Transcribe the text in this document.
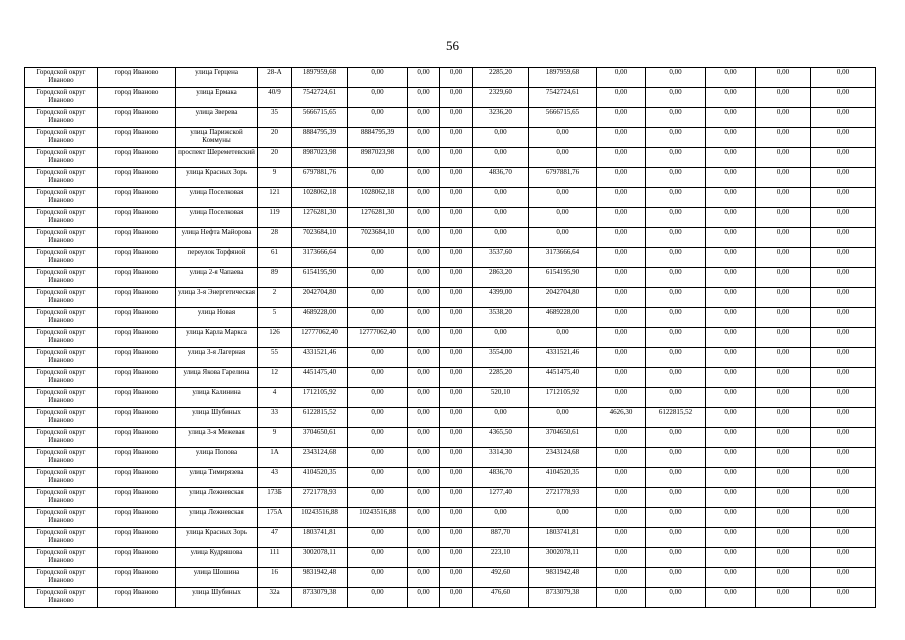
56
Городской округ Иваново	город Иваново	улица Герцена	28-А	1897959,68	0,00	0,00	0,00	2285,20	1897959,68	0,00	0,00	0,00	0,00	0,00
Городской округ Иваново	город Иваново	улица Ермака	40/9	7542724,61	0,00	0,00	0,00	2329,60	7542724,61	0,00	0,00	0,00	0,00	0,00
Городской округ Иваново	город Иваново	улица Зверева	35	5666715,65	0,00	0,00	0,00	3236,20	5666715,65	0,00	0,00	0,00	0,00	0,00
Городской округ Иваново	город Иваново	улица Парижской Коммуны	20	8884795,39	8884795,39	0,00	0,00	0,00	0,00	0,00	0,00	0,00	0,00	0,00
Городской округ Иваново	город Иваново	проспект Шереметевский	20	8987023,98	8987023,98	0,00	0,00	0,00	0,00	0,00	0,00	0,00	0,00	0,00
Городской округ Иваново	город Иваново	улица Красных Зорь	9	6797881,76	0,00	0,00	0,00	4836,70	6797881,76	0,00	0,00	0,00	0,00	0,00
Городской округ Иваново	город Иваново	улица Поселковая	121	1028062,18	1028062,18	0,00	0,00	0,00	0,00	0,00	0,00	0,00	0,00	0,00
Городской округ Иваново	город Иваново	улица Поселковая	119	1276281,30	1276281,30	0,00	0,00	0,00	0,00	0,00	0,00	0,00	0,00	0,00
Городской округ Иваново	город Иваново	улица Нефта Майорова	28	7023684,10	7023684,10	0,00	0,00	0,00	0,00	0,00	0,00	0,00	0,00	0,00
Городской округ Иваново	город Иваново	переулок Торфяной	61	3173666,64	0,00	0,00	0,00	3537,60	3173666,64	0,00	0,00	0,00	0,00	0,00
Городской округ Иваново	город Иваново	улица 2-я Чапаева	89	6154195,90	0,00	0,00	0,00	2863,20	6154195,90	0,00	0,00	0,00	0,00	0,00
Городской округ Иваново	город Иваново	улица 3-я Энергетическая	2	2042704,80	0,00	0,00	0,00	4399,00	2042704,80	0,00	0,00	0,00	0,00	0,00
Городской округ Иваново	город Иваново	улица Новая	5	4689228,00	0,00	0,00	0,00	3538,20	4689228,00	0,00	0,00	0,00	0,00	0,00
Городской округ Иваново	город Иваново	улица Карла Маркса	126	12777062,40	12777062,40	0,00	0,00	0,00	0,00	0,00	0,00	0,00	0,00	0,00
Городской округ Иваново	город Иваново	улица 3-я Лагерная	55	4331521,46	0,00	0,00	0,00	3554,00	4331521,46	0,00	0,00	0,00	0,00	0,00
Городской округ Иваново	город Иваново	улица Якова Гарелина	12	4451475,40	0,00	0,00	0,00	2285,20	4451475,40	0,00	0,00	0,00	0,00	0,00
Городской округ Иваново	город Иваново	улица Калинина	4	1712105,92	0,00	0,00	0,00	520,10	1712105,92	0,00	0,00	0,00	0,00	0,00
Городской округ Иваново	город Иваново	улица Шубиных	33	6122815,52	0,00	0,00	0,00	0,00	0,00	4626,30	6122815,52	0,00	0,00	0,00
Городской округ Иваново	город Иваново	улица 3-я Межевая	9	3704650,61	0,00	0,00	0,00	4365,50	3704650,61	0,00	0,00	0,00	0,00	0,00
Городской округ Иваново	город Иваново	улица Попова	1А	2343124,68	0,00	0,00	0,00	3314,30	2343124,68	0,00	0,00	0,00	0,00	0,00
Городской округ Иваново	город Иваново	улица Тимирязева	43	4104520,35	0,00	0,00	0,00	4836,70	4104520,35	0,00	0,00	0,00	0,00	0,00
Городской округ Иваново	город Иваново	улица Лежневская	173Б	2721778,93	0,00	0,00	0,00	1277,40	2721778,93	0,00	0,00	0,00	0,00	0,00
Городской округ Иваново	город Иваново	улица Лежневская	175А	10243516,88	10243516,88	0,00	0,00	0,00	0,00	0,00	0,00	0,00	0,00	0,00
Городской округ Иваново	город Иваново	улица Красных Зорь	47	1803741,81	0,00	0,00	0,00	887,70	1803741,81	0,00	0,00	0,00	0,00	0,00
Городской округ Иваново	город Иваново	улица Кудряшова	111	3002078,11	0,00	0,00	0,00	223,10	3002078,11	0,00	0,00	0,00	0,00	0,00
Городской округ Иваново	город Иваново	улица Шошина	16	9831942,48	0,00	0,00	0,00	492,60	9831942,48	0,00	0,00	0,00	0,00	0,00
Городской округ Иваново	город Иваново	улица Шубиных	32а	8733079,38	0,00	0,00	0,00	476,60	8733079,38	0,00	0,00	0,00	0,00	0,00
